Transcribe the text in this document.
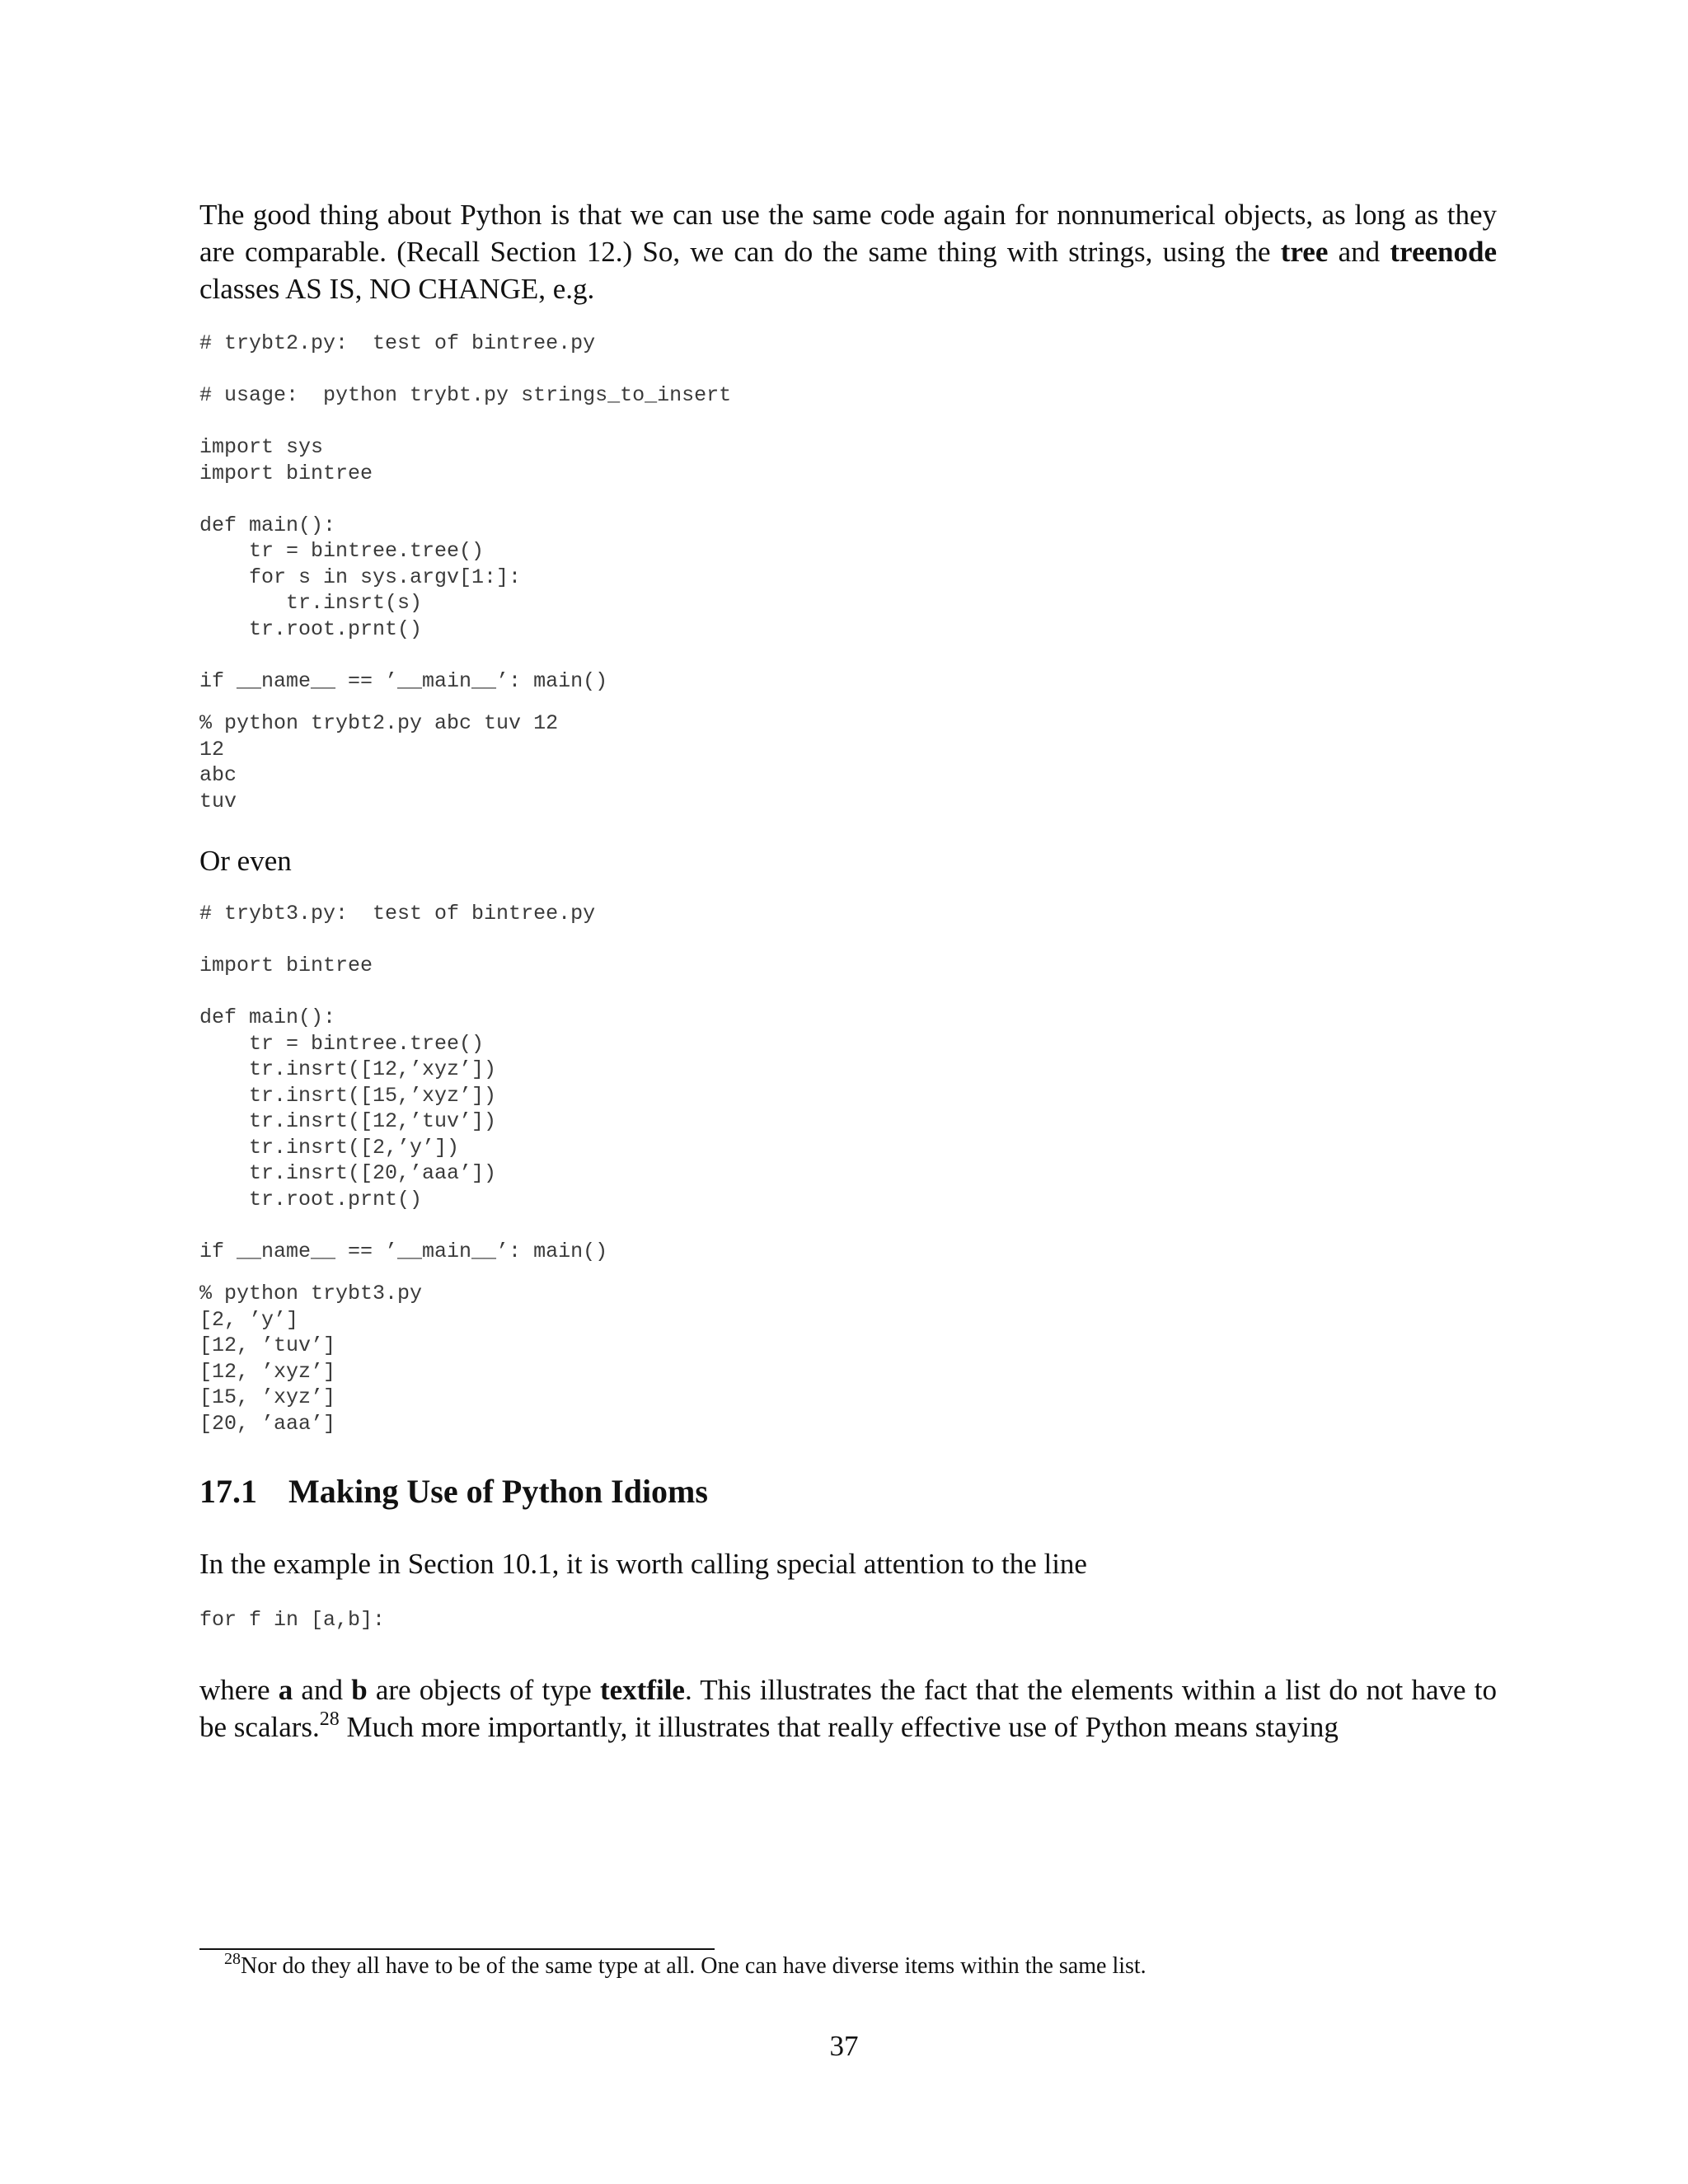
The good thing about Python is that we can use the same code again for nonnumerical objects, as long as they are comparable. (Recall Section 12.) So, we can do the same thing with strings, using the tree and treenode classes AS IS, NO CHANGE, e.g.

# trybt2.py:  test of bintree.py
# usage:  python trybt.py strings_to_insert
import sys
import bintree
def main():
tr = bintree.tree()
for s in sys.argv[1:]:
tr.insrt(s)
tr.root.prnt()
if __name__ == ’__main__’: main()
% python trybt2.py abc tuv 12
12
abc
tuv

Or even

# trybt3.py:  test of bintree.py
import bintree
def main():
tr = bintree.tree()
tr.insrt([12,’xyz’])
tr.insrt([15,’xyz’])
tr.insrt([12,’tuv’])
tr.insrt([2,’y’])
tr.insrt([20,’aaa’])
tr.root.prnt()
if __name__ == ’__main__’: main()
% python trybt3.py
[2, ’y’]
[12, ’tuv’]
[12, ’xyz’]
[15, ’xyz’]
[20, ’aaa’]
17.1 Making Use of Python Idioms

In the example in Section 10.1, it is worth calling special attention to the line

for f in [a,b]:

where a and b are objects of type textfile. This illustrates the fact that the elements within a list do not have to be scalars.$^{28}$ Much more importantly, it illustrates that really effective use of Python means staying

$^{28}$Nor do they all have to be of the same type at all. One can have diverse items within the same list.
37
